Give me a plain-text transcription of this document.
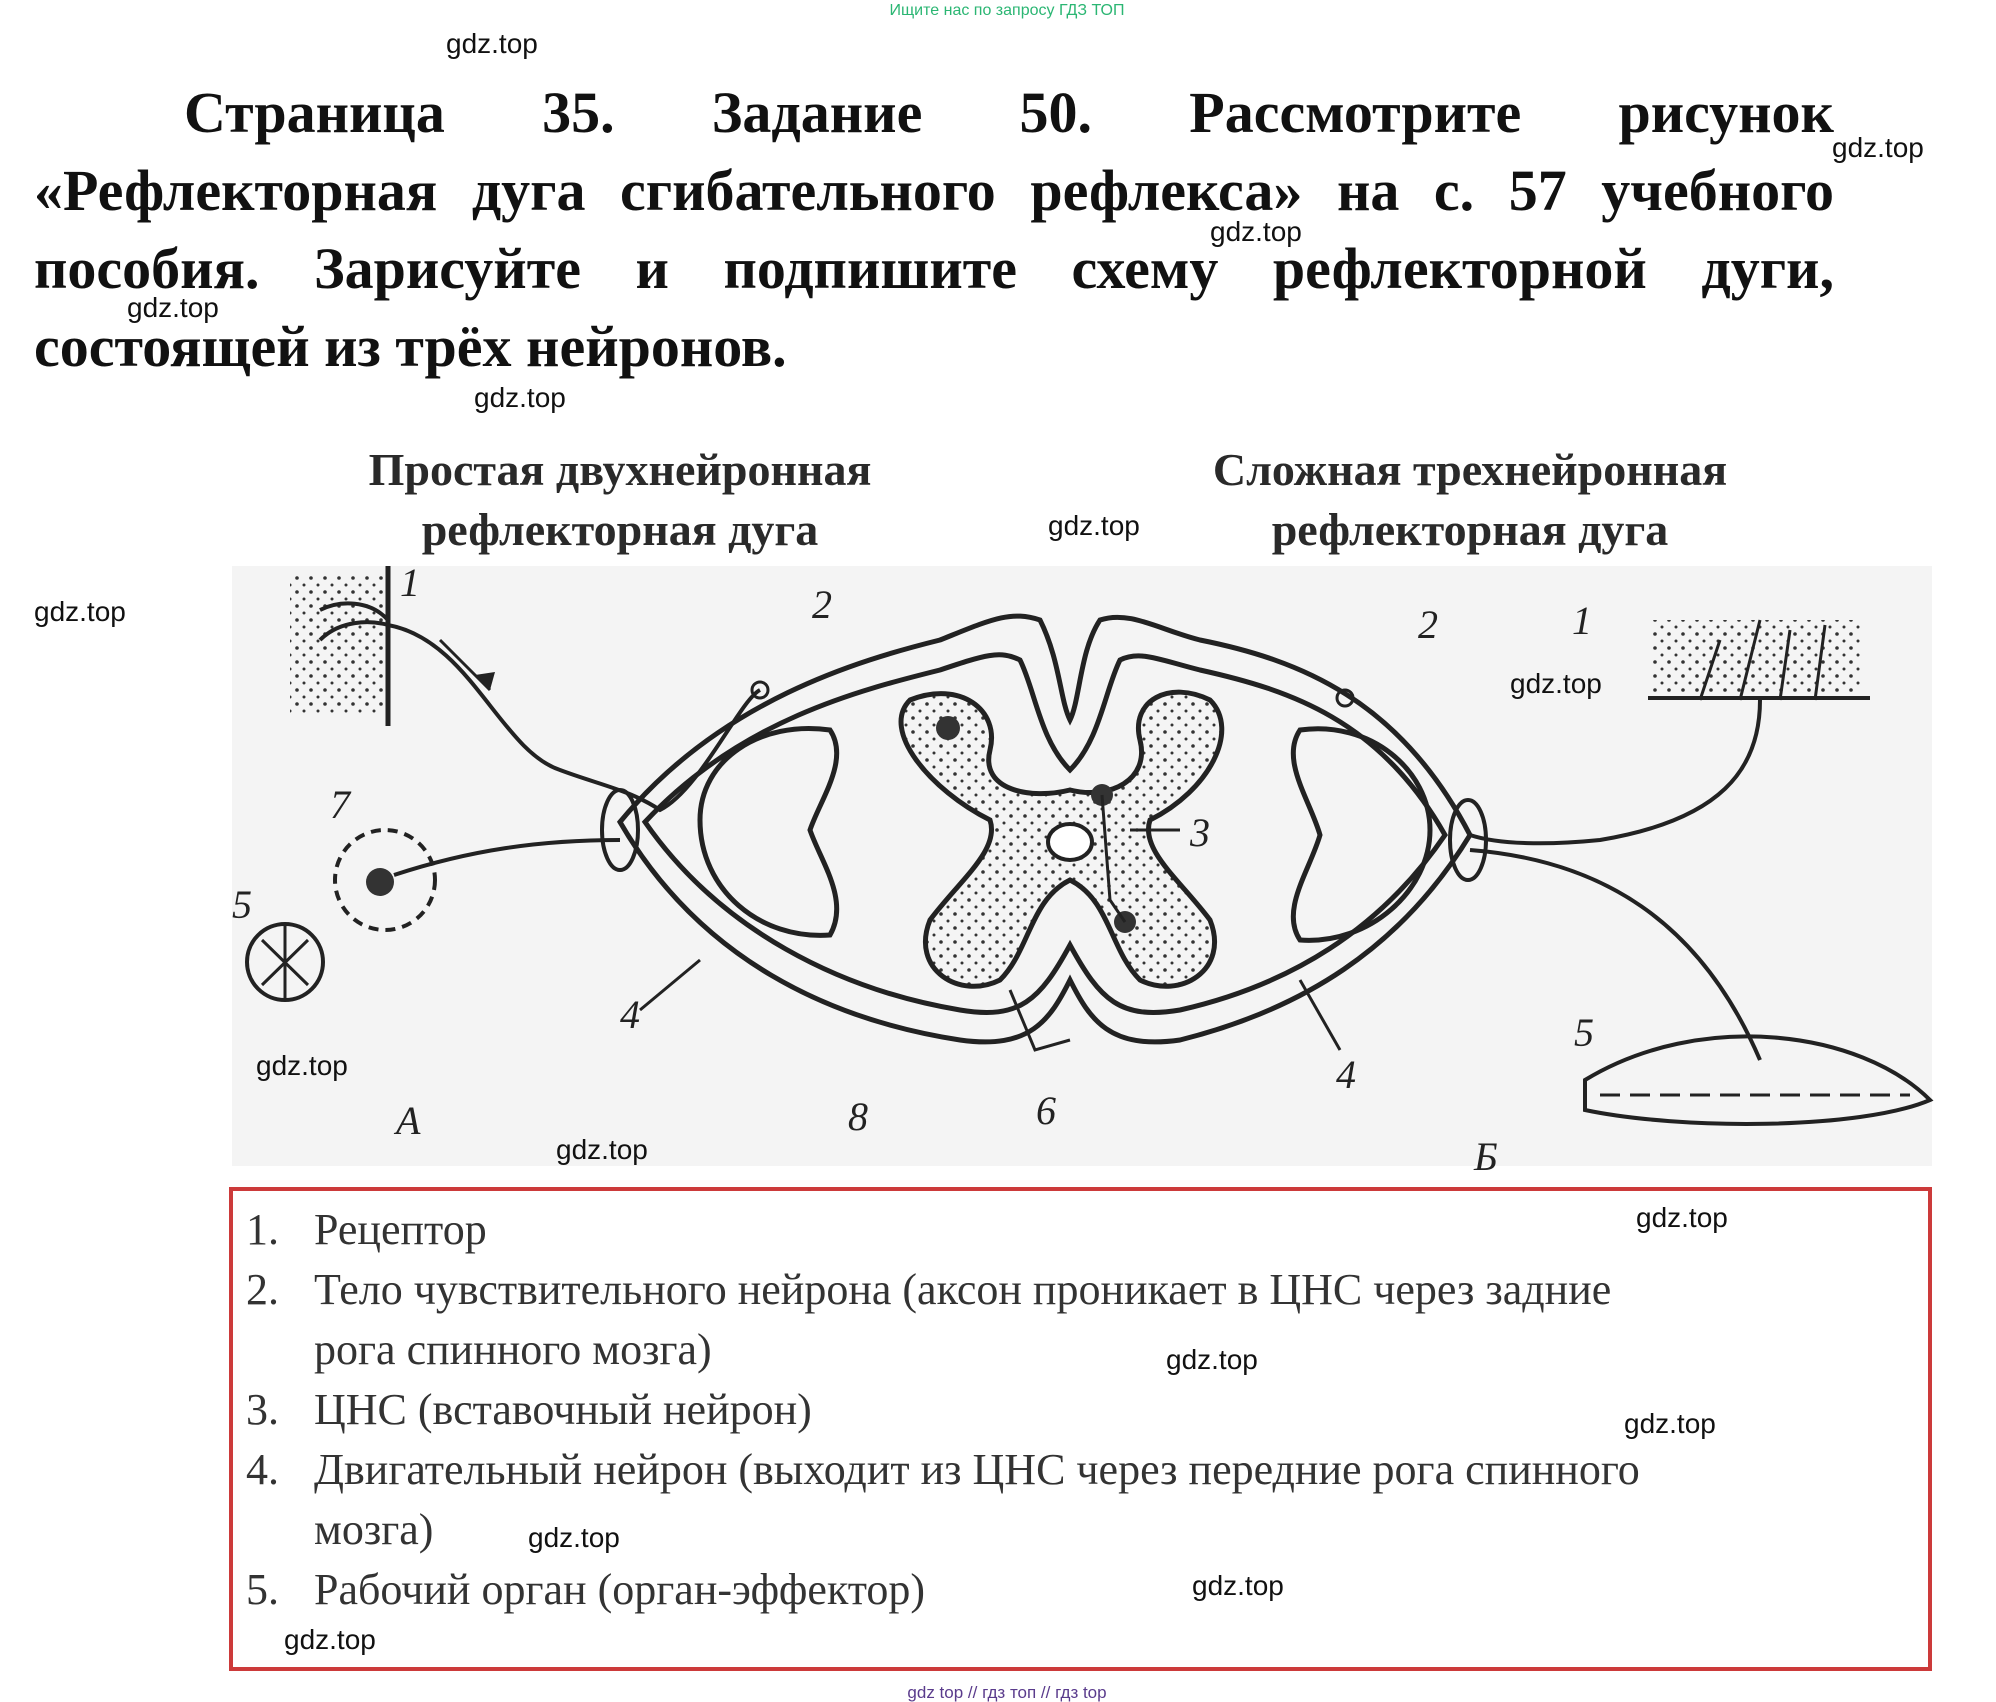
Ищите нас по запросу ГДЗ ТОП
Страница 35. Задание 50. Рассмотрите рисунок
«Рефлекторная дуга сгибательного рефлекса» на с. 57 учебного
пособия. Зарисуйте и подпишите схему рефлекторной дуги,
состоящей из трёх нейронов.
Простая двухнейронная
рефлекторная дуга
Сложная трехнейронная
рефлекторная дуга
1	2
7
5
4
А	8	6
3
2	1
4
5
Б
1. Рецептор
2. Тело чувствительного нейрона (аксон проникает в ЦНС через задние
рога спинного мозга)
3. ЦНС (вставочный нейрон)
4. Двигательный нейрон (выходит из ЦНС через передние рога спинного
мозга)
5. Рабочий орган (орган-эффектор)
gdz.top
gdz.top
gdz.top
gdz.top
gdz.top
gdz.top
gdz.top
gdz.top
gdz.top
gdz.top
gdz.top
gdz.top
gdz.top
gdz.top
gdz.top
gdz.top
gdz top // гдз топ // гдз top
